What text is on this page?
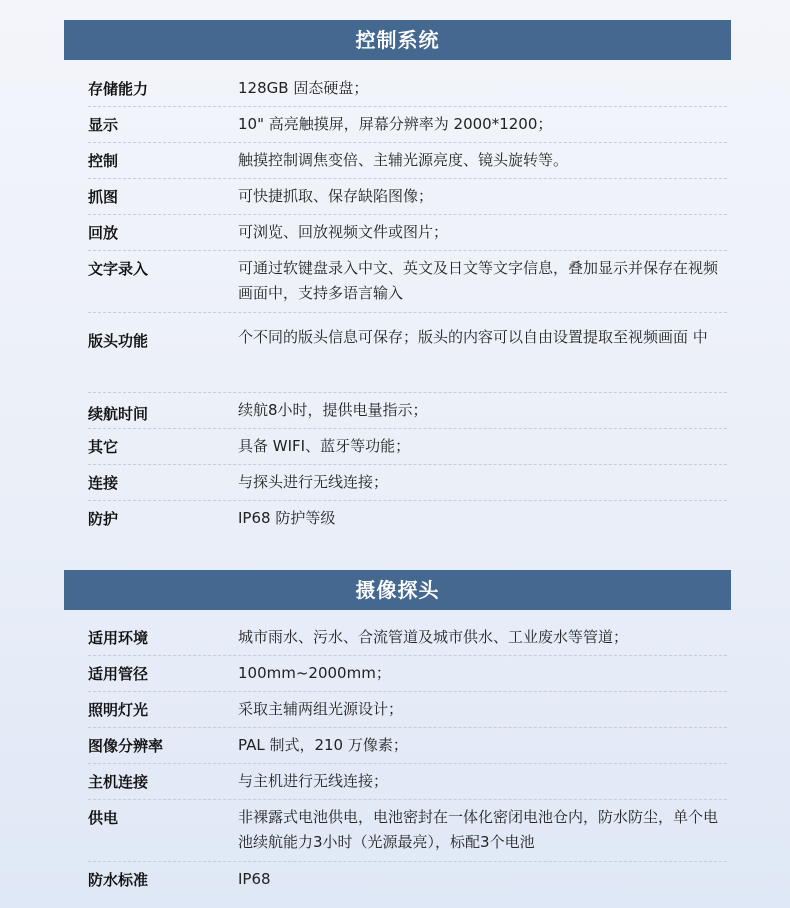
控制系统
存储能力	128GB 固态硬盘；
显示	10" 高亮触摸屏，屏幕分辨率为 2000*1200；
控制	触摸控制调焦变倍、主辅光源亮度、镜头旋转等。
抓图	可快捷抓取、保存缺陷图像；
回放	可浏览、回放视频文件或图片；
文字录入	可通过软键盘录入中文、英文及日文等文字信息，叠加显示并保存在视频 画面中，支持多语言输入
版头功能	个不同的版头信息可保存；版头的内容可以自由设置提取至视频画面 中
续航时间	续航8小时，提供电量指示；
其它	具备 WIFI、蓝牙等功能；
连接	与探头进行无线连接；
防护	IP68 防护等级
摄像探头
适用环境	城市雨水、污水、合流管道及城市供水、工业废水等管道；
适用管径	100mm~2000mm；
照明灯光	采取主辅两组光源设计；
图像分辨率	PAL 制式，210 万像素；
主机连接	与主机进行无线连接；
供电	非裸露式电池供电，电池密封在一体化密闭电池仓内，防水防尘，单个电池续航能力3小时（光源最亮），标配3个电池
防水标准	IP68
